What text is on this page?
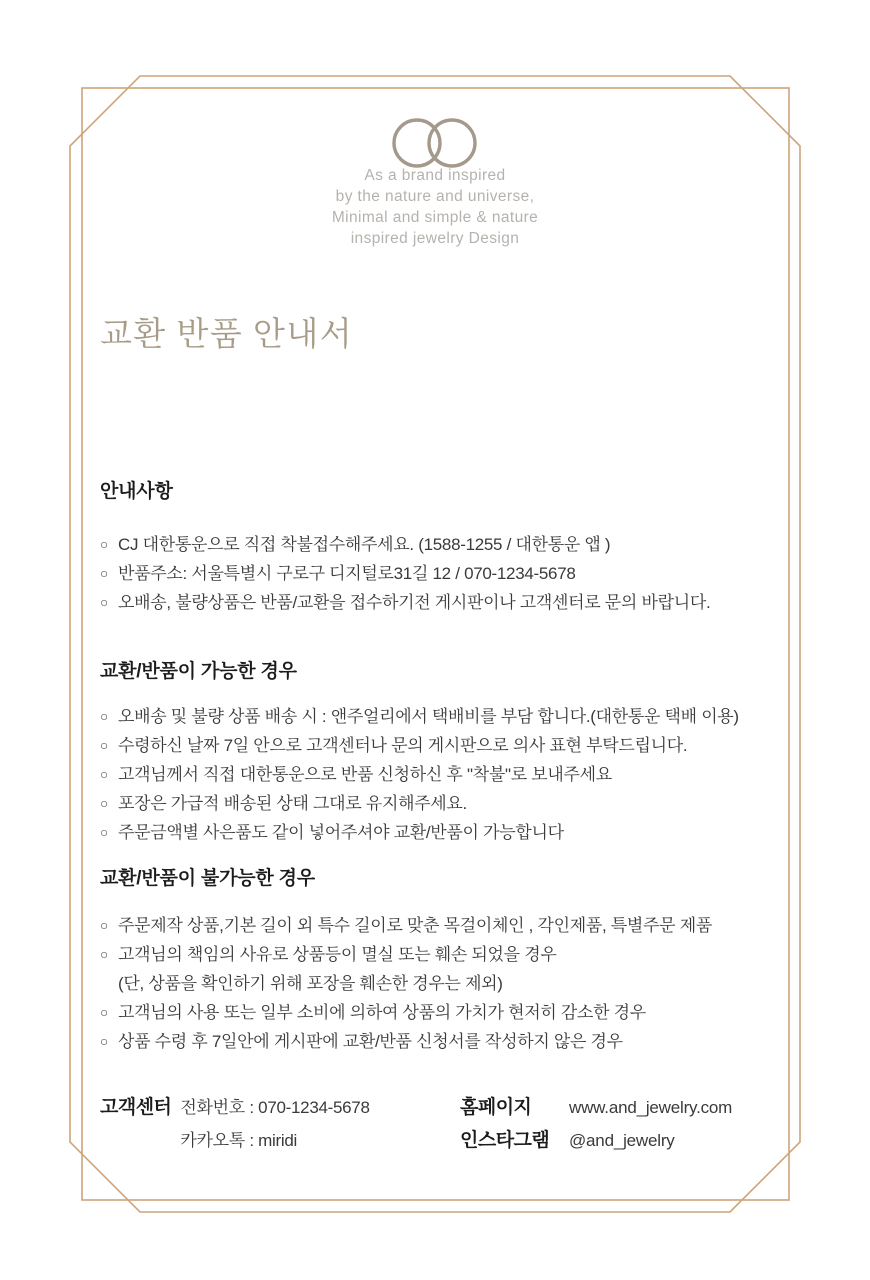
As a brand inspired
by the nature and universe,
Minimal and simple & nature
inspired jewelry Design
교환 반품 안내서
안내사항
○ CJ 대한통운으로 직접 착불접수해주세요. (1588-1255 / 대한통운 앱 )
○ 반품주소: 서울특별시 구로구 디지털로31길 12 / 070-1234-5678
○ 오배송, 불량상품은 반품/교환을 접수하기전 게시판이나 고객센터로 문의 바랍니다.
교환/반품이 가능한 경우
○ 오배송 및 불량 상품 배송 시 : 앤주얼리에서 택배비를 부담 합니다.(대한통운 택배 이용)
○ 수령하신 날짜 7일 안으로 고객센터나 문의 게시판으로 의사 표현 부탁드립니다.
○ 고객님께서 직접 대한통운으로 반품 신청하신 후 "착불"로 보내주세요
○ 포장은 가급적 배송된 상태 그대로 유지해주세요.
○ 주문금액별 사은품도 같이 넣어주셔야 교환/반품이 가능합니다
교환/반품이 불가능한 경우
○ 주문제작 상품,기본 길이 외 특수 길이로 맞춘 목걸이체인 , 각인제품, 특별주문 제품
○ 고객님의 책임의 사유로 상품등이 멸실 또는 훼손 되었을 경우
(단, 상품을 확인하기 위해 포장을 훼손한 경우는 제외)
○ 고객님의 사용 또는 일부 소비에 의하여 상품의 가치가 현저히 감소한 경우
○ 상품 수령 후 7일안에 게시판에 교환/반품 신청서를 작성하지 않은 경우
고객센터 전화번호 : 070-1234-5678
카카오톡 : miridi
홈페이지	www.and_jewelry.com
인스타그램	@and_jewelry
